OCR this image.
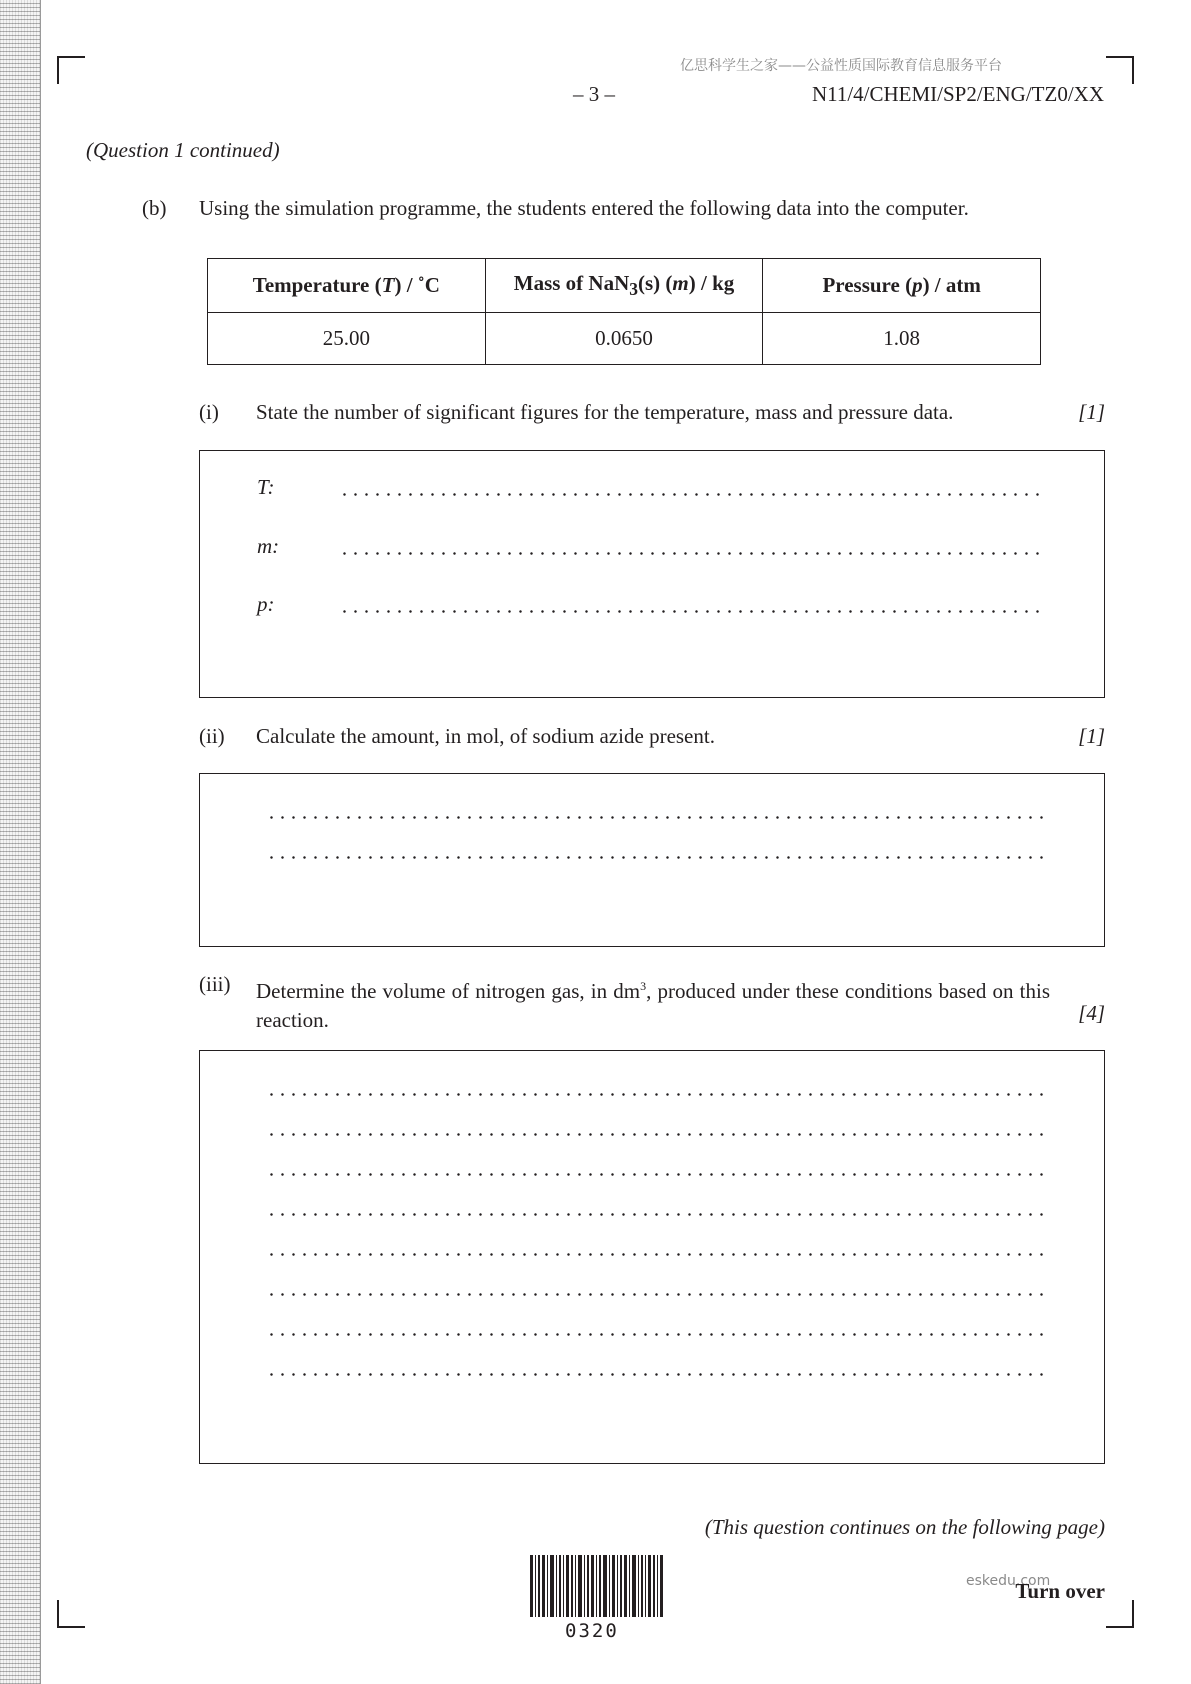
亿思科学生之家——公益性质国际教育信息服务平台
– 3 –	N11/4/CHEMI/SP2/ENG/TZ0/XX
(Question 1 continued)
(b) Using the simulation programme, the students entered the following data into the computer.
Temperature (T) / ˚C	Mass of NaN$_3$(s) (m) / kg	Pressure (p) / atm
25.00	0.0650	1.08
(i) State the number of significant figures for the temperature, mass and pressure data.	[1]
T:
m:
p:
(ii) Calculate the amount, in mol, of sodium azide present.	[1]
(iii) Determine the volume of nitrogen gas, in $dm^3$, produced under these conditions based on this reaction.	[4]
(This question continues on the following page)
0320
eskedu.com
Turn over
